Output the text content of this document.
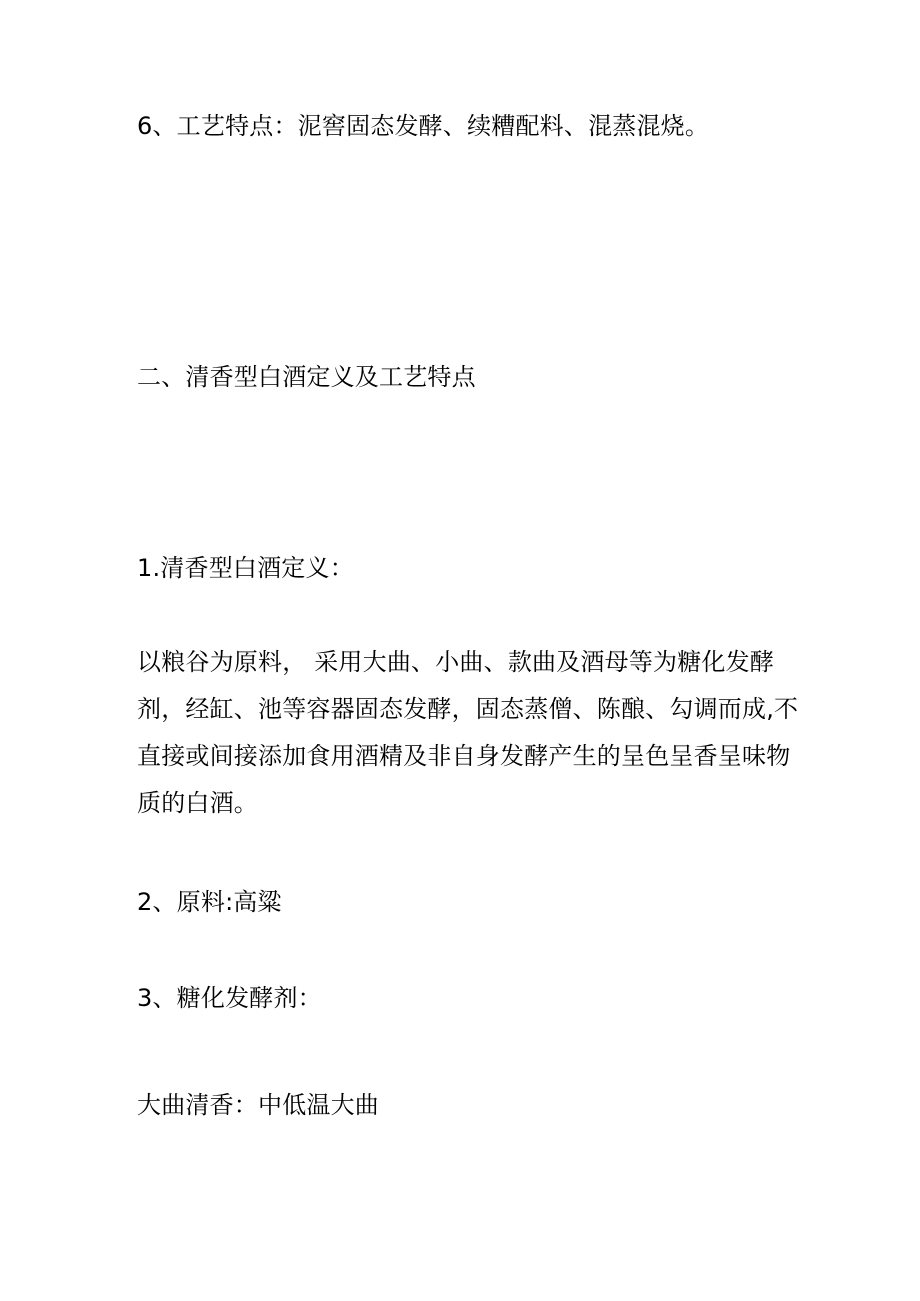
6、工艺特点：泥窖固态发酵、续糟配料、混蒸混烧。

二、清香型白酒定义及工艺特点

1.清香型白酒定义：

以粮谷为原料， 采用大曲、小曲、款曲及酒母等为糖化发酵
剂，经缸、池等容器固态发酵，固态蒸僧、陈酿、勾调而成,不
直接或间接添加食用酒精及非自身发酵产生的呈色呈香呈味物
质的白酒。

2、原料:高粱

3、糖化发酵剂：

大曲清香：中低温大曲
